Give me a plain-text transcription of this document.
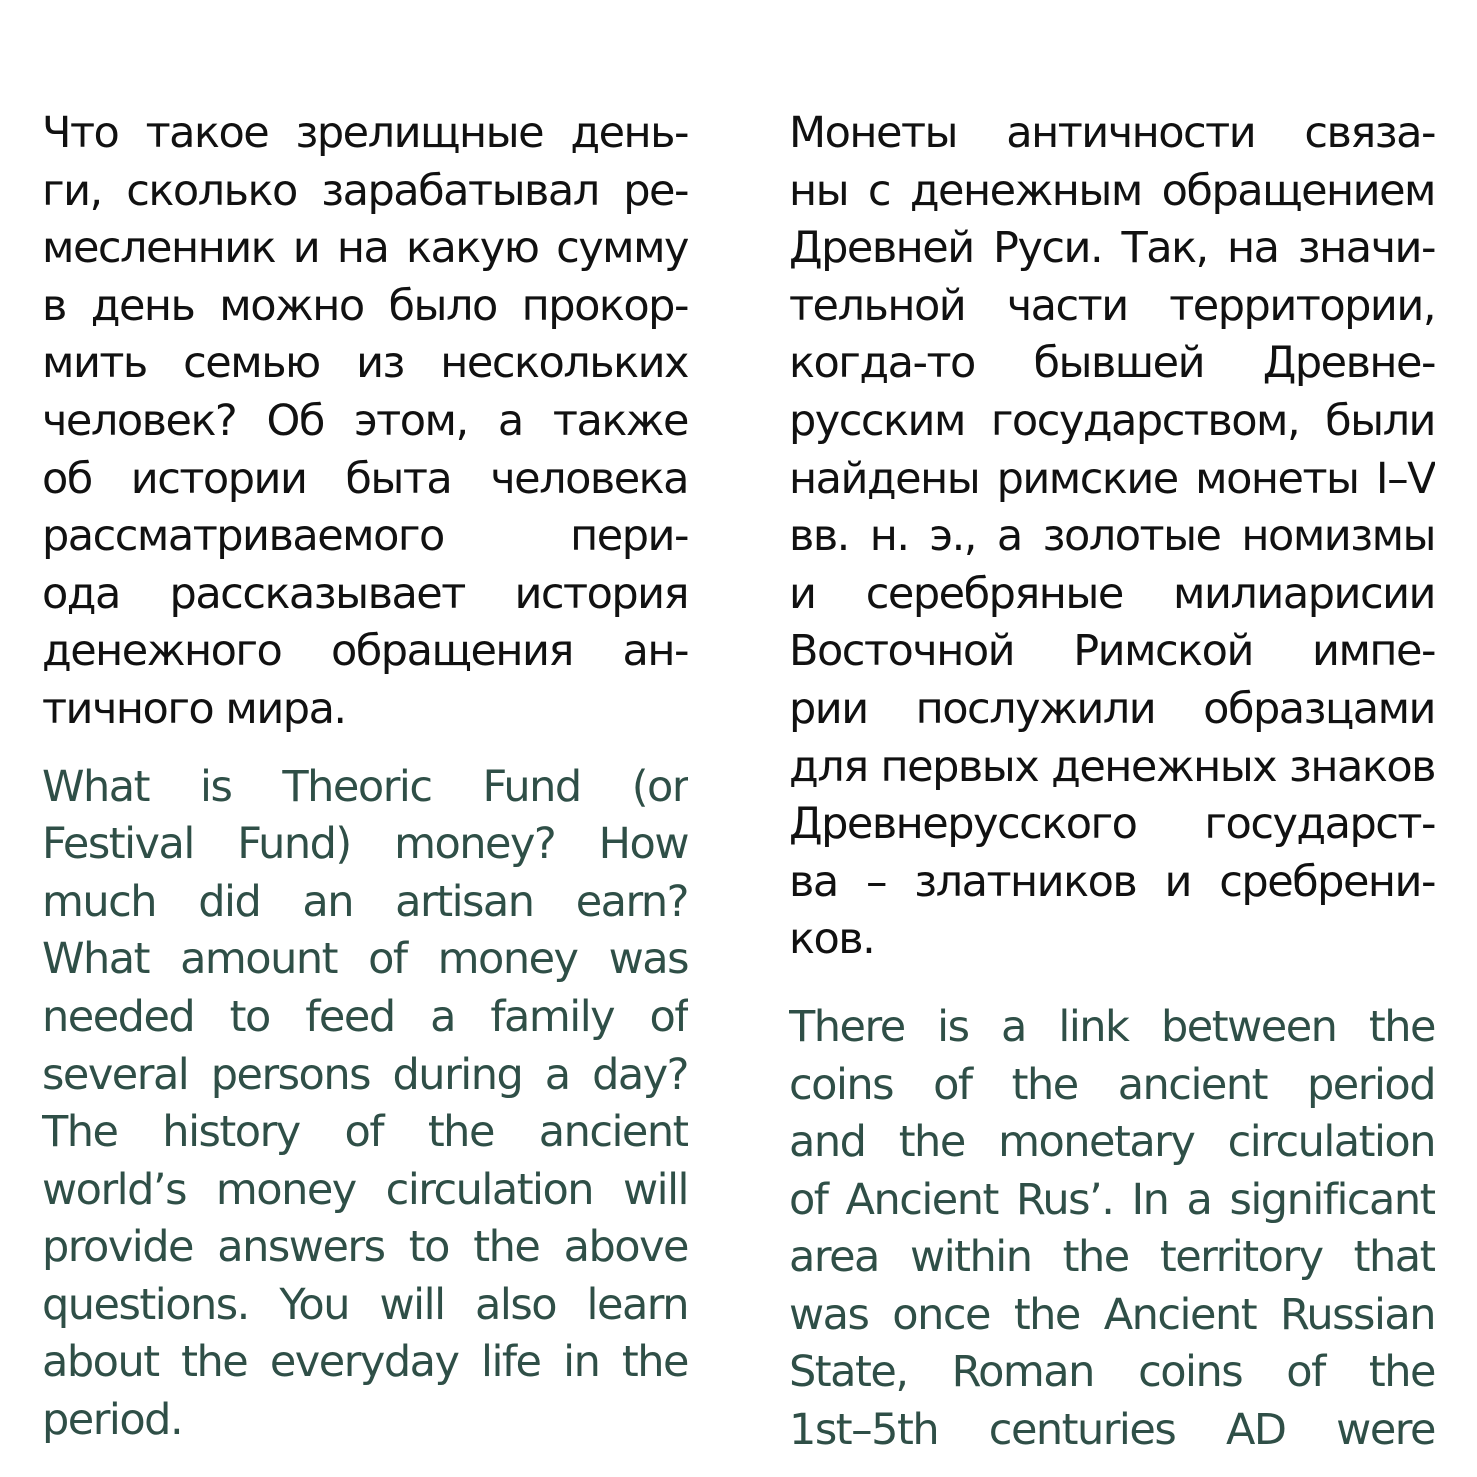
Что такое зрелищные день-
ги, сколько зарабатывал ре-
месленник и на какую сумму
в день можно было прокор-
мить семью из нескольких
человек? Об этом, а также
об истории быта человека
рассматриваемого пери-
ода рассказывает история
денежного обращения ан-
тичного мира.
What is Theoric Fund (or
Festival Fund) money? How
much did an artisan earn?
What amount of money was
needed to feed a family of
several persons during a day?
The history of the ancient
world’s money circulation will
provide answers to the above
questions. You will also learn
about the everyday life in the
period.
Монеты античности связа-
ны с денежным обращением
Древней Руси. Так, на значи-
тельной части территории,
когда-то бывшей Древне-
русским государством, были
найдены римские монеты I–V
вв. н. э., а золотые номизмы
и серебряные милиарисии
Восточной Римской импе-
рии послужили образцами
для первых денежных знаков
Древнерусского государст-
ва – златников и сребрени-
ков.
There is a link between the
coins of the ancient period
and the monetary circulation
of Ancient Rus’. In a significant
area within the territory that
was once the Ancient Russian
State, Roman coins of the
1st–5th centuries AD were
